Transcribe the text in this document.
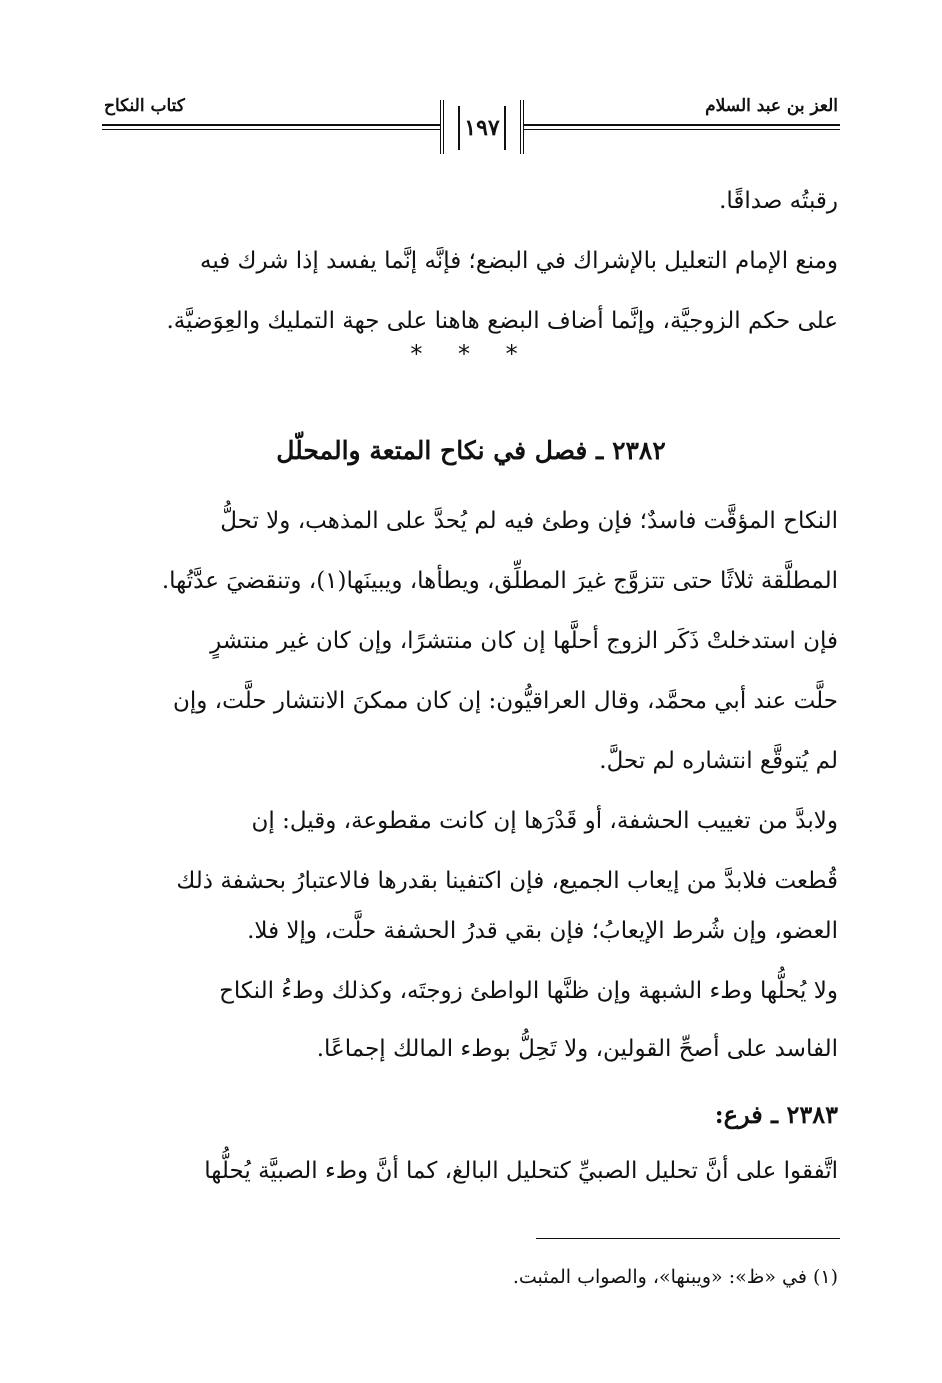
العز بن عبد السلام
كتاب النكاح
١٩٧
رقبتُه صداقًا.
ومنع الإمام التعليل بالإشراك في البضع؛ فإنَّه إنَّما يفسد إذا شرك فيه
على حكم الزوجيَّة، وإنَّما أضاف البضع هاهنا على جهة التمليك والعِوَضيَّة.
* * *
٢٣٨٢ ـ فصل في نكاح المتعة والمحلّل
النكاح المؤقَّت فاسدٌ؛ فإن وطئ فيه لم يُحدَّ على المذهب، ولا تحلُّ
المطلَّقة ثلاثًا حتى تتزوَّج غيرَ المطلِّق، ويطأها، ويبينَها(١)، وتنقضيَ عدَّتُها.
فإن استدخلتْ ذَكَر الزوج أحلَّها إن كان منتشرًا، وإن كان غير منتشرٍ
حلَّت عند أبي محمَّد، وقال العراقيُّون: إن كان ممكنَ الانتشار حلَّت، وإن
لم يُتوقَّع انتشاره لم تحلَّ.
ولابدَّ من تغييب الحشفة، أو قَدْرَها إن كانت مقطوعة، وقيل: إن
قُطعت فلابدَّ من إيعاب الجميع، فإن اكتفينا بقدرها فالاعتبارُ بحشفة ذلك
العضو، وإن شُرط الإيعابُ؛ فإن بقي قدرُ الحشفة حلَّت، وإلا فلا.
ولا يُحلُّها وطء الشبهة وإن ظنَّها الواطئ زوجتَه، وكذلك وطءُ النكاح
الفاسد على أصحِّ القولين، ولا تَحِلُّ بوطء المالك إجماعًا.
٢٣٨٣ ـ فرع:
اتَّفقوا على أنَّ تحليل الصبيِّ كتحليل البالغ، كما أنَّ وطء الصبيَّة يُحلُّها
(١) في «ظ»: «ويبنها»، والصواب المثبت.
